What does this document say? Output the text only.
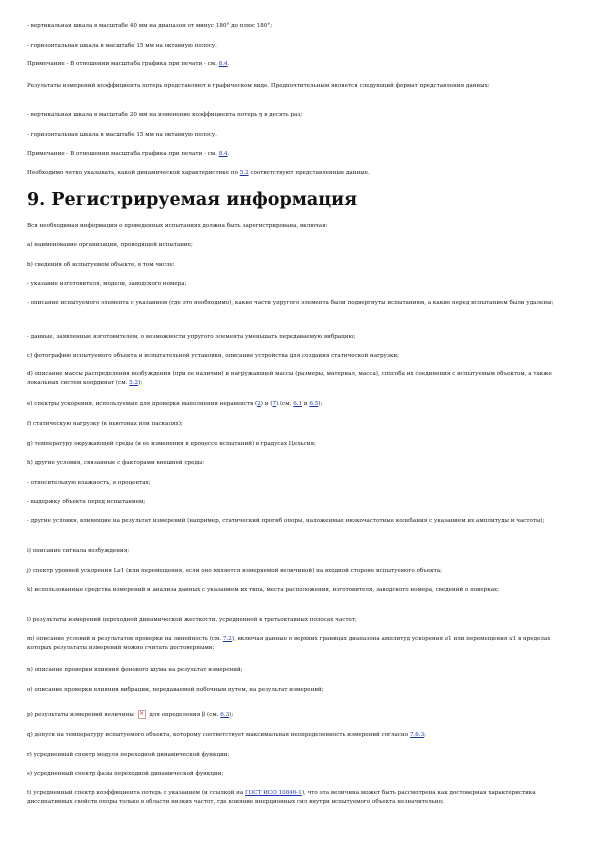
9. Регистрируемая информация
- вертикальная шкала в масштабе 40 мм на диапазон от минус 180° до плюс 180°;
- горизонтальная шкала в масштабе 15 мм на октавную полосу.
Примечание - В отношении масштаба графика при печати - см. 8.4.
Результаты измерений коэффициента потерь представляют в графическом виде. Предпочтительным является следующий формат представления данных:
- вертикальная шкала в масштабе 20 мм на изменение коэффициента потерь η в десять раз;
- горизонтальная шкала в масштабе 15 мм на октавную полосу.
Примечание - В отношении масштаба графика при печати - см. 8.4.
Необходимо четко указывать, какой динамической характеристике по 5.2 соответствуют представленные данные.
Вся необходимая информация о проведенных испытаниях должна быть зарегистрирована, включая:
a) наименование организации, проводящей испытание;
b) сведения об испытуемом объекте, в том числе:
- указание изготовителя, модели, заводского номера;
- описание испытуемого элемента с указанием (где это необходимо), какие части упругого элемента были подвергнуты испытаниям, а какие перед испытанием были удалены;
- данные, заявленные изготовителем, о возможности упругого элемента уменьшать передаваемую вибрацию;
c) фотографию испытуемого объекта и испытательной установки, описание устройства для создания статической нагрузки;
d) описание массы распределения возбуждения (при ее наличии) и нагружающей массы (размеры, материал, масса), способа их соединения с испытуемым объектом, а также локальных систем координат (см. 5.2);
e) спектры ускорения, используемые для проверки выполнения неравенств (2) и (7) (см. 6.1 и 6.5);
f) статическую нагрузку (в ньютонах или паскалях);
g) температуру окружающей среды (и ее изменения в процессе испытаний) в градусах Цельсия;
h) другие условия, связанные с факторами внешней среды:
- относительную влажность, в процентах;
- выдержку объекта перед испытанием;
- другие условия, влияющие на результат измерений (например, статический прогиб опоры, наложенные низкочастотные колебания с указанием их амплитуды и частоты);
i) описание сигнала возбуждения;
j) спектр уровней ускорения La1 (или перемещения, если оно является измеряемой величиной) на входной стороне испытуемого объекта;
k) использованные средства измерений и анализа данных с указанием их типа, места расположения, изготовителя, заводского номера, сведений о поверках;
l) результаты измерений переходной динамической жесткости, усредненной в третьоктавных полосах частот;
m) описание условий и результатов проверки на линейность (см. 7.2), включая данные о верхних границах диапазона амплитуд ускорения a1 или перемещения u1 в пределах которых результаты измерений можно считать достоверными;
n) описание проверки влияния фонового шума на результат измерений;
o) описание проверки влияния вибрации, передаваемой побочным путем, на результат измерений;
p) результаты измерений величины × для определения β (см. 6.3);
q) допуск на температуру испытуемого объекта, которому соответствует максимальная неопределенность измерений согласно 7.6.3;
r) усредненный спектр модуля переходной динамической функции;
s) усредненный спектр фазы переходной динамической функции;
t) усредненный спектр коэффициента потерь с указанием (и ссылкой на ГОСТ ИСО 10846-1), что эта величина может быть рассмотрена как достоверная характеристика диссипативных свойств опоры только в области низких частот, где влияние инерционных сил внутри испытуемого объекта незначительно;
